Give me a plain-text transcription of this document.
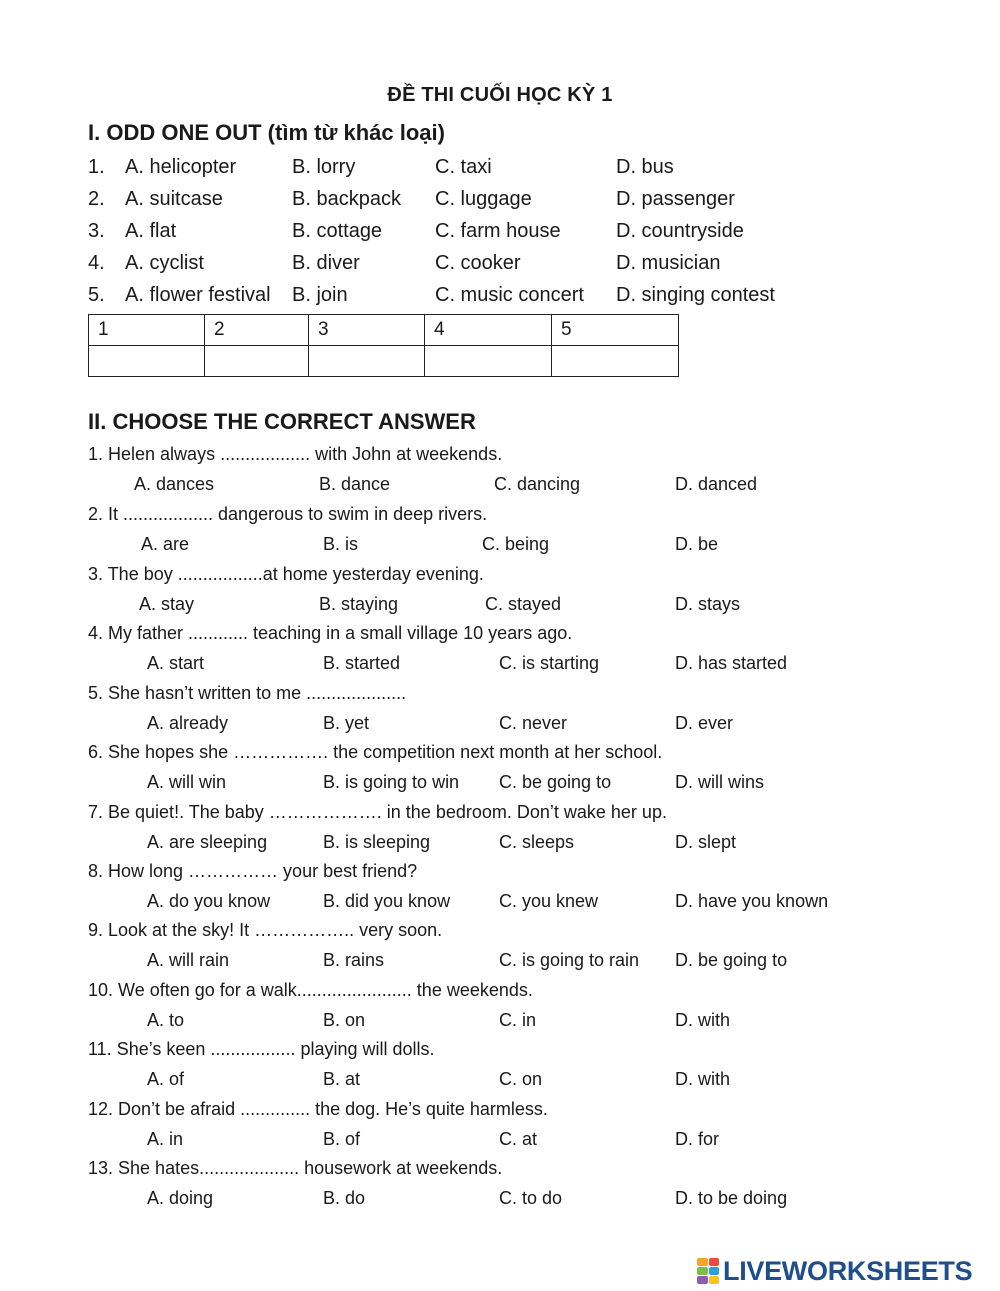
ĐỀ THI CUỐI HỌC KỲ 1
I. ODD ONE OUT (tìm từ khác loại)
1. A. helicopter	B. lorry	C. taxi	D. bus
2. A. suitcase	B. backpack C. luggage	D. passenger
3. A. flat	B. cottage	C. farm house	D. countryside
4. A. cyclist	B. diver	C. cooker	D. musician
5. A. flower festival B. join	C. music concert D. singing contest
1	2	3	4	5

II. CHOOSE THE CORRECT ANSWER
1. Helen always .................. with John at weekends.
A. dances	B. dance	C. dancing	D. danced
2. It .................. dangerous to swim in deep rivers.
A. are	B. is	C. being	D. be
3. The boy .................at home yesterday evening.
A. stay	B. staying	C. stayed	D. stays
4. My father ............ teaching in a small village 10 years ago.
A. start	B. started	C. is starting	D. has started
5. She hasn’t written to me ....................
A. already	B. yet	C. never	D. ever
6. She hopes she ……………. the competition next month at her school.
A. will win	B. is going to win C. be going to	D. will wins
7. Be quiet!. The baby ………………. in the bedroom. Don’t wake her up.
A. are sleeping	B. is sleeping	C. sleeps	D. slept
8. How long …………… your best friend?
A. do you know	B. did you know	C. you knew	D. have you known
9. Look at the sky! It …………….. very soon.
A. will rain	B. rains	C. is going to rain D. be going to
10. We often go for a walk....................... the weekends.
A. to	B. on	C. in	D. with
11. She’s keen ................. playing will dolls.
A. of	B. at	C. on	D. with
12. Don’t be afraid .............. the dog. He’s quite harmless.
A. in	B. of	C. at	D. for
13. She hates.................... housework at weekends.
A. doing	B. do	C. to do	D. to be doing
LIVEWORKSHEETS
